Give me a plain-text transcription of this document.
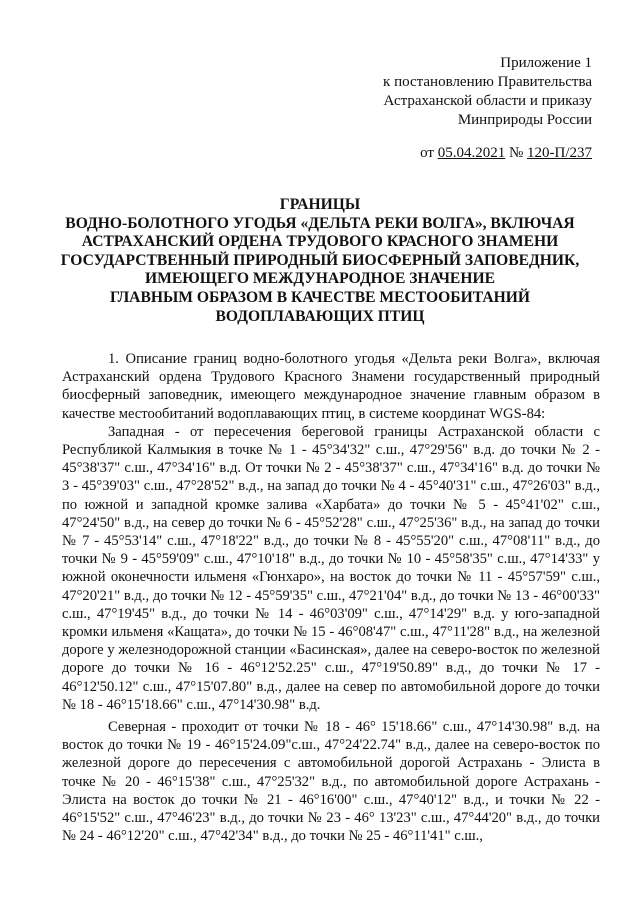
Приложение 1
к постановлению Правительства
Астраханской области и приказу
Минприроды России
от 05.04.2021 № 120-П/237
ГРАНИЦЫ
ВОДНО-БОЛОТНОГО УГОДЬЯ «ДЕЛЬТА РЕКИ ВОЛГА», ВКЛЮЧАЯ
АСТРАХАНСКИЙ ОРДЕНА ТРУДОВОГО КРАСНОГО ЗНАМЕНИ
ГОСУДАРСТВЕННЫЙ ПРИРОДНЫЙ БИОСФЕРНЫЙ ЗАПОВЕДНИК,
ИМЕЮЩЕГО МЕЖДУНАРОДНОЕ ЗНАЧЕНИЕ
ГЛАВНЫМ ОБРАЗОМ В КАЧЕСТВЕ МЕСТООБИТАНИЙ
ВОДОПЛАВАЮЩИХ ПТИЦ

1. Описание границ водно-болотного угодья «Дельта реки Волга», включая Астраханский ордена Трудового Красного Знамени государственный природный биосферный заповедник, имеющего международное значение главным образом в качестве местообитаний водоплавающих птиц, в системе координат WGS-84:

Западная - от пересечения береговой границы Астраханской области с Республикой Калмыкия в точке № 1 - 45°34'32" с.ш., 47°29'56" в.д. до точки № 2 - 45°38'37" с.ш., 47°34'16" в.д. От точки № 2 - 45°38'37" с.ш., 47°34'16" в.д. до точки № 3 - 45°39'03" с.ш., 47°28'52" в.д., на запад до точки № 4 - 45°40'31" с.ш., 47°26'03" в.д., по южной и западной кромке залива «Харбата» до точки № 5 - 45°41'02" с.ш., 47°24'50" в.д., на север до точки № 6 - 45°52'28" с.ш., 47°25'36" в.д., на запад до точки № 7 - 45°53'14" с.ш., 47°18'22" в.д., до точки № 8 - 45°55'20" с.ш., 47°08'11" в.д., до точки № 9 - 45°59'09" с.ш., 47°10'18" в.д., до точки № 10 - 45°58'35" с.ш., 47°14'33" у южной оконечности ильменя «Гюнхаро», на восток до точки № 11 - 45°57'59" с.ш., 47°20'21" в.д., до точки № 12 - 45°59'35" с.ш., 47°21'04" в.д., до точки № 13 - 46°00'33" с.ш., 47°19'45" в.д., до точки № 14 - 46°03'09" с.ш., 47°14'29" в.д. у юго-западной кромки ильменя «Кащата», до точки № 15 - 46°08'47" с.ш., 47°11'28" в.д., на железной дороге у железнодорожной станции «Басинская», далее на северо-восток по железной дороге до точки № 16 - 46°12'52.25" с.ш., 47°19'50.89" в.д., до точки № 17 - 46°12'50.12" с.ш., 47°15'07.80" в.д., далее на север по автомобильной дороге до точки № 18 - 46°15'18.66" с.ш., 47°14'30.98" в.д.

Северная - проходит от точки № 18 - 46° 15'18.66" с.ш., 47°14'30.98" в.д. на восток до точки № 19 - 46°15'24.09"с.ш., 47°24'22.74" в.д., далее на северо-восток по железной дороге до пересечения с автомобильной дорогой Астрахань - Элиста в точке № 20 - 46°15'38" с.ш., 47°25'32" в.д., по автомобильной дороге Астрахань - Элиста на восток до точки № 21 - 46°16'00" с.ш., 47°40'12" в.д., и точки № 22 - 46°15'52" с.ш., 47°46'23" в.д., до точки № 23 - 46° 13'23" с.ш., 47°44'20" в.д., до точки № 24 - 46°12'20" с.ш., 47°42'34" в.д., до точки № 25 - 46°11'41" с.ш.,
